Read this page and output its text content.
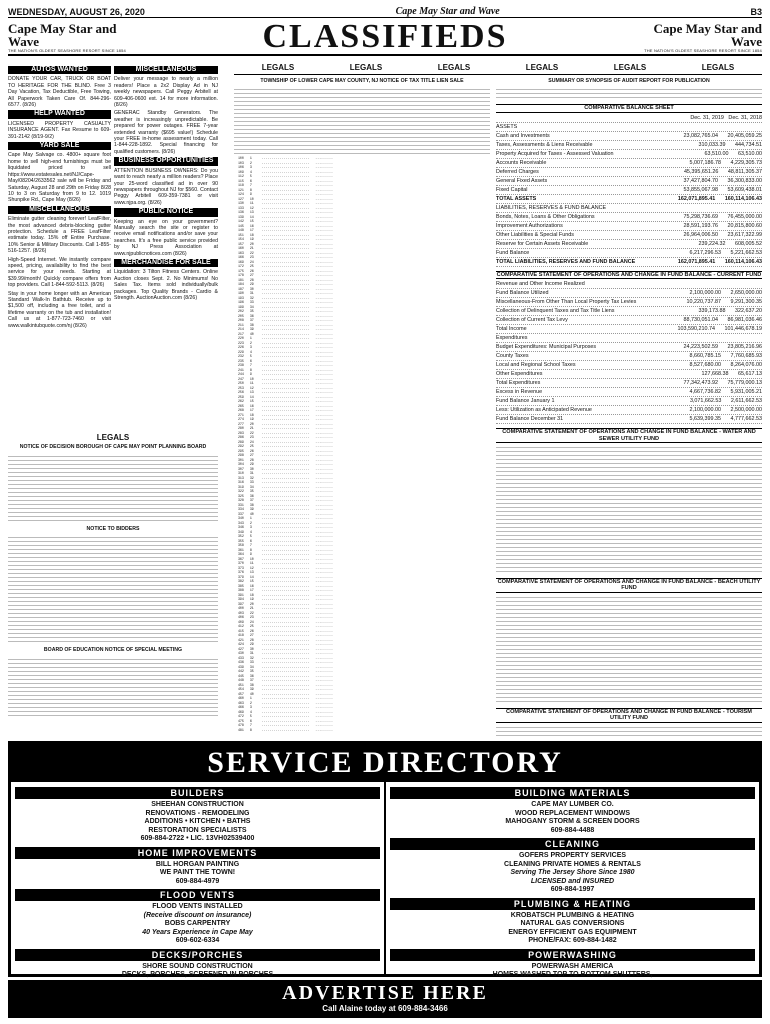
WEDNESDAY, AUGUST 26, 2020	Cape May Star and Wave	B3
Cape May Star and Wave
THE NATION'S OLDEST SEASHORE RESORT SINCE 1854	CLASSIFIEDS	Cape May Star and Wave
THE NATION'S OLDEST SEASHORE RESORT SINCE 1854
AUTOS WANTED
DONATE YOUR CAR, TRUCK OR BOAT TO HERITAGE FOR THE BLIND. Free 3 Day Vacation, Tax Deductible, Free Towing, All Paperwork Taken Care Of. 844-296-6577. (8/26)
HELP WANTED
LICENSED PROPERTY CASUALTY INSURANCE AGENT. Fax Resume to 609-391-2142 (8/19-9/2)
YARD SALE
Cape May Salvage co. 4800+ square foot home to sell high-end furnishings must be liquidated priced to sell https://www.estatesales.net/NJ/Cape-May/08204/2633562 sale will be Friday and Saturday, August 28 and 29th on Friday 8/28 10 to 3 on Saturday from 9 to 12. 1019 Shunpike Rd., Cape May (8/26)
MISCELLANEOUS
Eliminate gutter cleaning forever! LeafFilter, the most advanced debris-blocking gutter protection. Schedule a FREE LeafFilter estimate today. 15% off Entire Purchase. 10% Senior & Military Discounts. Call 1-855-516-1257. (8/26)
High-Speed Internet. We instantly compare speed, pricing, availability to find the best service for your needs. Starting at $39.99/month! Quickly compare offers from top providers. Call 1-844-592-5113. (8/26)
Stay in your home longer with an American Standard Walk-In Bathtub. Receive up to $1,500 off, including a free toilet, and a lifetime warranty on the tub and installation! Call us at 1-877-723-7460 or visit www.walkintubquote.com/nj (8/26)
MISCELLANEOUS
Deliver your message to nearly a million readers! Place a 2x2 Display Ad in NJ weekly newspapers. Call Peggy Arbitell at 609-406-0600 ext. 14 for more information. (8/26)
GENERAC Standby Generators. The weather is increasingly unpredictable. Be prepared for power outages. FREE 7-year extended warranty ($695 value!) Schedule your FREE in-home assessment today. Call 1-844-228-1892. Special financing for qualified customers. (8/26)
BUSINESS OPPORTUNITIES
ATTENTION BUSINESS OWNERS: Do you want to reach nearly a million readers? Place your 25-word classified ad in over 90 newspapers throughout NJ for $560. Contact Peggy Arbitell 609-359-7381 or visit www.njpa.org. (8/26)
PUBLIC NOTICE
Keeping an eye on your government? Manually search the site or register to receive email notifications and/or save your searches. It's a free public service provided by NJ Press Association at www.njpublicnotices.com (8/26)
MERCHANDISE FOR SALE
Liquidation: 3 Tilton Fitness Centers. Online Auction closes Sept. 2. No Minimums! No Sales Tax. Items sold individually/bulk packages. Top Quality Brands - Cardio & Strength. AuctionAuction.com (8/26)
LEGALS
NOTICE OF DECISION BOROUGH OF CAPE MAY POINT PLANNING BOARD
NOTICE TO BIDDERS
BOARD OF EDUCATION NOTICE OF SPECIAL MEETING
LEGALS	LEGALS	LEGALS	LEGALS	LEGALS	LEGALS
TOWNSHIP OF LOWER CAPE MAY COUNTY, NJ NOTICE OF TAX TITLE LIEN SALE
100   1     ........................   .........
103   2     ........................   .........
106   3     ........................   .........
109   4     ........................   .........
112   5     ........................   .........
115   6     ........................   .........
118   7     ........................   .........
121   8     ........................   .........
124   9     ........................   .........
127   10    ........................   .........
130   11    ........................   .........
133   12    ........................   .........
136   13    ........................   .........
139   14    ........................   .........
142   15    ........................   .........
145   16    ........................   .........
148   17    ........................   .........
151   18    ........................   .........
154   19    ........................   .........
157   20    ........................   .........
160   21    ........................   .........
163   22    ........................   .........
166   23    ........................   .........
169   24    ........................   .........
172   25    ........................   .........
175   26    ........................   .........
178   27    ........................   .........
181   28    ........................   .........
184   29    ........................   .........
187   30    ........................   .........
190   31    ........................   .........
193   32    ........................   .........
196   33    ........................   .........
199   34    ........................   .........
202   35    ........................   .........
205   36    ........................   .........
208   37    ........................   .........
211   38    ........................   .........
214   39    ........................   .........
217   40    ........................   .........
220   1     ........................   .........
223   2     ........................   .........
226   3     ........................   .........
229   4     ........................   .........
232   5     ........................   .........
235   6     ........................   .........
238   7     ........................   .........
241   8     ........................   .........
244   9     ........................   .........
247   10    ........................   .........
250   11    ........................   .........
253   12    ........................   .........
256   13    ........................   .........
259   14    ........................   .........
262   15    ........................   .........
265   16    ........................   .........
268   17    ........................   .........
271   18    ........................   .........
274   19    ........................   .........
277   20    ........................   .........
280   21    ........................   .........
283   22    ........................   .........
286   23    ........................   .........
289   24    ........................   .........
292   25    ........................   .........
295   26    ........................   .........
298   27    ........................   .........
301   28    ........................   .........
304   29    ........................   .........
307   30    ........................   .........
310   31    ........................   .........
313   32    ........................   .........
316   33    ........................   .........
319   34    ........................   .........
322   35    ........................   .........
325   36    ........................   .........
328   37    ........................   .........
331   38    ........................   .........
334   39    ........................   .........
337   40    ........................   .........
340   1     ........................   .........
343   2     ........................   .........
346   3     ........................   .........
349   4     ........................   .........
352   5     ........................   .........
355   6     ........................   .........
358   7     ........................   .........
361   8     ........................   .........
364   9     ........................   .........
367   10    ........................   .........
370   11    ........................   .........
373   12    ........................   .........
376   13    ........................   .........
379   14    ........................   .........
382   15    ........................   .........
385   16    ........................   .........
388   17    ........................   .........
391   18    ........................   .........
394   19    ........................   .........
397   20    ........................   .........
400   21    ........................   .........
403   22    ........................   .........
406   23    ........................   .........
409   24    ........................   .........
412   25    ........................   .........
415   26    ........................   .........
418   27    ........................   .........
421   28    ........................   .........
424   29    ........................   .........
427   30    ........................   .........
430   31    ........................   .........
433   32    ........................   .........
436   33    ........................   .........
439   34    ........................   .........
442   35    ........................   .........
445   36    ........................   .........
448   37    ........................   .........
451   38    ........................   .........
454   39    ........................   .........
457   40    ........................   .........
460   1     ........................   .........
463   2     ........................   .........
466   3     ........................   .........
469   4     ........................   .........
472   5     ........................   .........
475   6     ........................   .........
478   7     ........................   .........
481   8     ........................   .........

SUMMARY OR SYNOPSIS OF AUDIT REPORT FOR PUBLICATION
COMPARATIVE BALANCE SHEET
Dec. 31, 2019 Dec. 31, 2018
ASSETS
Cash and Investments	23,082,765.04 20,405,059.25
Taxes, Assessments & Liens Receivable	310,033.39 444,734.51
Property Acquired for Taxes - Assessed Valuation	63,510.00 63,510.00
Accounts Receivable	5,007,186.78 4,229,305.73
Deferred Charges	45,395,651.26 48,811,305.37
General Fixed Assets	37,427,804.70 36,300,833.00
Fixed Capital	53,855,067.98 53,609,438.01
TOTAL ASSETS	162,071,895.41 160,114,106.43
LIABILITIES, RESERVES & FUND BALANCE
Bonds, Notes, Loans & Other Obligations	75,298,736.69 76,455,000.00
Improvement Authorizations	28,591,193.76 20,815,800.60
Other Liabilities & Special Funds	26,964,006.50 23,617,322.99
Reserve for Certain Assets Receivable	239,224.32 608,005.52
Fund Balance	6,217,296.53 5,221,662.53
TOTAL LIABILITIES, RESERVES AND FUND BALANCE	162,071,895.41 160,114,106.43
COMPARATIVE STATEMENT OF OPERATIONS AND CHANGE IN FUND BALANCE - CURRENT FUND
Revenue and Other Income Realized
Fund Balance Utilized	2,100,000.00 2,650,000.00
Miscellaneous-From Other Than Local Property Tax Levies	10,220,737.87 9,291,300.35
Collection of Delinquent Taxes and Tax Title Liens	339,173.88 322,637.20
Collection of Current Tax Levy	88,730,051.04 86,981,036.46
Total Income	103,590,210.74 101,446,678.19
Expenditures
Budget Expenditures: Municipal Purposes	24,223,502.59 23,805,216.96
County Taxes	8,660,785.15 7,760,685.93
Local and Regional School Taxes	8,527,680.00 8,264,076.00
Other Expenditures	127,668.38 65,617.13
Total Expenditures	77,342,473.92 75,779,000.13
Excess in Revenue	4,667,736.82 5,931,005.21
Fund Balance January 1	3,071,662.53 2,611,662.53
Less: Utilization as Anticipated Revenue	2,100,000.00 2,500,000.00
Fund Balance December 31	5,639,399.35 4,777,662.53
COMPARATIVE STATEMENT OF OPERATIONS AND CHANGE IN FUND BALANCE - WATER AND SEWER UTILITY FUND
COMPARATIVE STATEMENT OF OPERATIONS AND CHANGE IN FUND BALANCE - BEACH UTILITY FUND
COMPARATIVE STATEMENT OF OPERATIONS AND CHANGE IN FUND BALANCE - TOURISM UTILITY FUND
SERVICE DIRECTORY
BUILDERS
SHEEHAN CONSTRUCTION
RENOVATIONS - REMODELING
ADDITIONS • KITCHEN • BATHS
RESTORATION SPECIALISTS
609-884-2722 • LIC. 13VH02539400
HOME IMPROVEMENTS
BILL HORGAN PAINTING
WE PAINT THE TOWN!
609-884-4979
FLOOD VENTS
FLOOD VENTS INSTALLED
(Receive discount on insurance)
BOBS CARPENTRY
40 Years Experience in Cape May
609-602-6334
DECKS/PORCHES
SHORE SOUND CONSTRUCTION
DECKS, PORCHES, SCREENED IN PORCHES
BUILDING MATERIALS
CAPE MAY LUMBER CO.
WOOD REPLACEMENT WINDOWS
MAHOGANY STORM & SCREEN DOORS
609-884-4488
CLEANING
GOFERS PROPERTY SERVICES
CLEANING PRIVATE HOMES & RENTALS
Serving The Jersey Shore Since 1980
LICENSED and INSURED
609-884-1997
PLUMBING & HEATING
KROBATSCH PLUMBING & HEATING
NATURAL GAS CONVERSIONS
ENERGY EFFICIENT GAS EQUIPMENT
PHONE/FAX: 609-884-1482
POWERWASHING
POWERWASH AMERICA
HOMES WASHED TOP TO BOTTOM SHUTTERS,
ADVERTISE HERE
Call Alaine today at 609-884-3466
